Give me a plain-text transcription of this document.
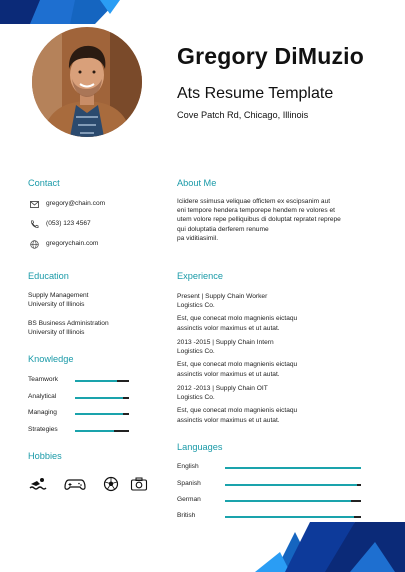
Gregory DiMuzio
Ats Resume Template
Cove Patch Rd, Chicago, Illinois
Contact
gregory@chain.com
(053) 123 4567
gregorychain.com
Education
Supply Management
University of Illinois
BS Business Administration
University of Illinois
Knowledge
Teamwork
Analytical
Managing
Strategies
Hobbies
About Me
Iciidere ssimusa veliquae offictem ex escipsanim aut
eni tempore hendera temporepe hendem re volores et
utem volore repe pelliquibus di doluptat repratet reprepe
qui doluptatia derferem renume
pa viditiasimil.
Experience
Present | Supply Chain Worker
Logistics Co.
Est, que conecat molo magnienis eictaqu
assinctis volor maximus et ut autat.
2013 -2015 | Supply Chain Intern
Logistics Co.
Est, que conecat molo magnienis eictaqu
assinctis volor maximus et ut autat.
2012 -2013 | Supply Chain OIT
Logistics Co.
Est, que conecat molo magnienis eictaqu
assinctis volor maximus et ut autat.
Languages
English
Spanish
German
British
